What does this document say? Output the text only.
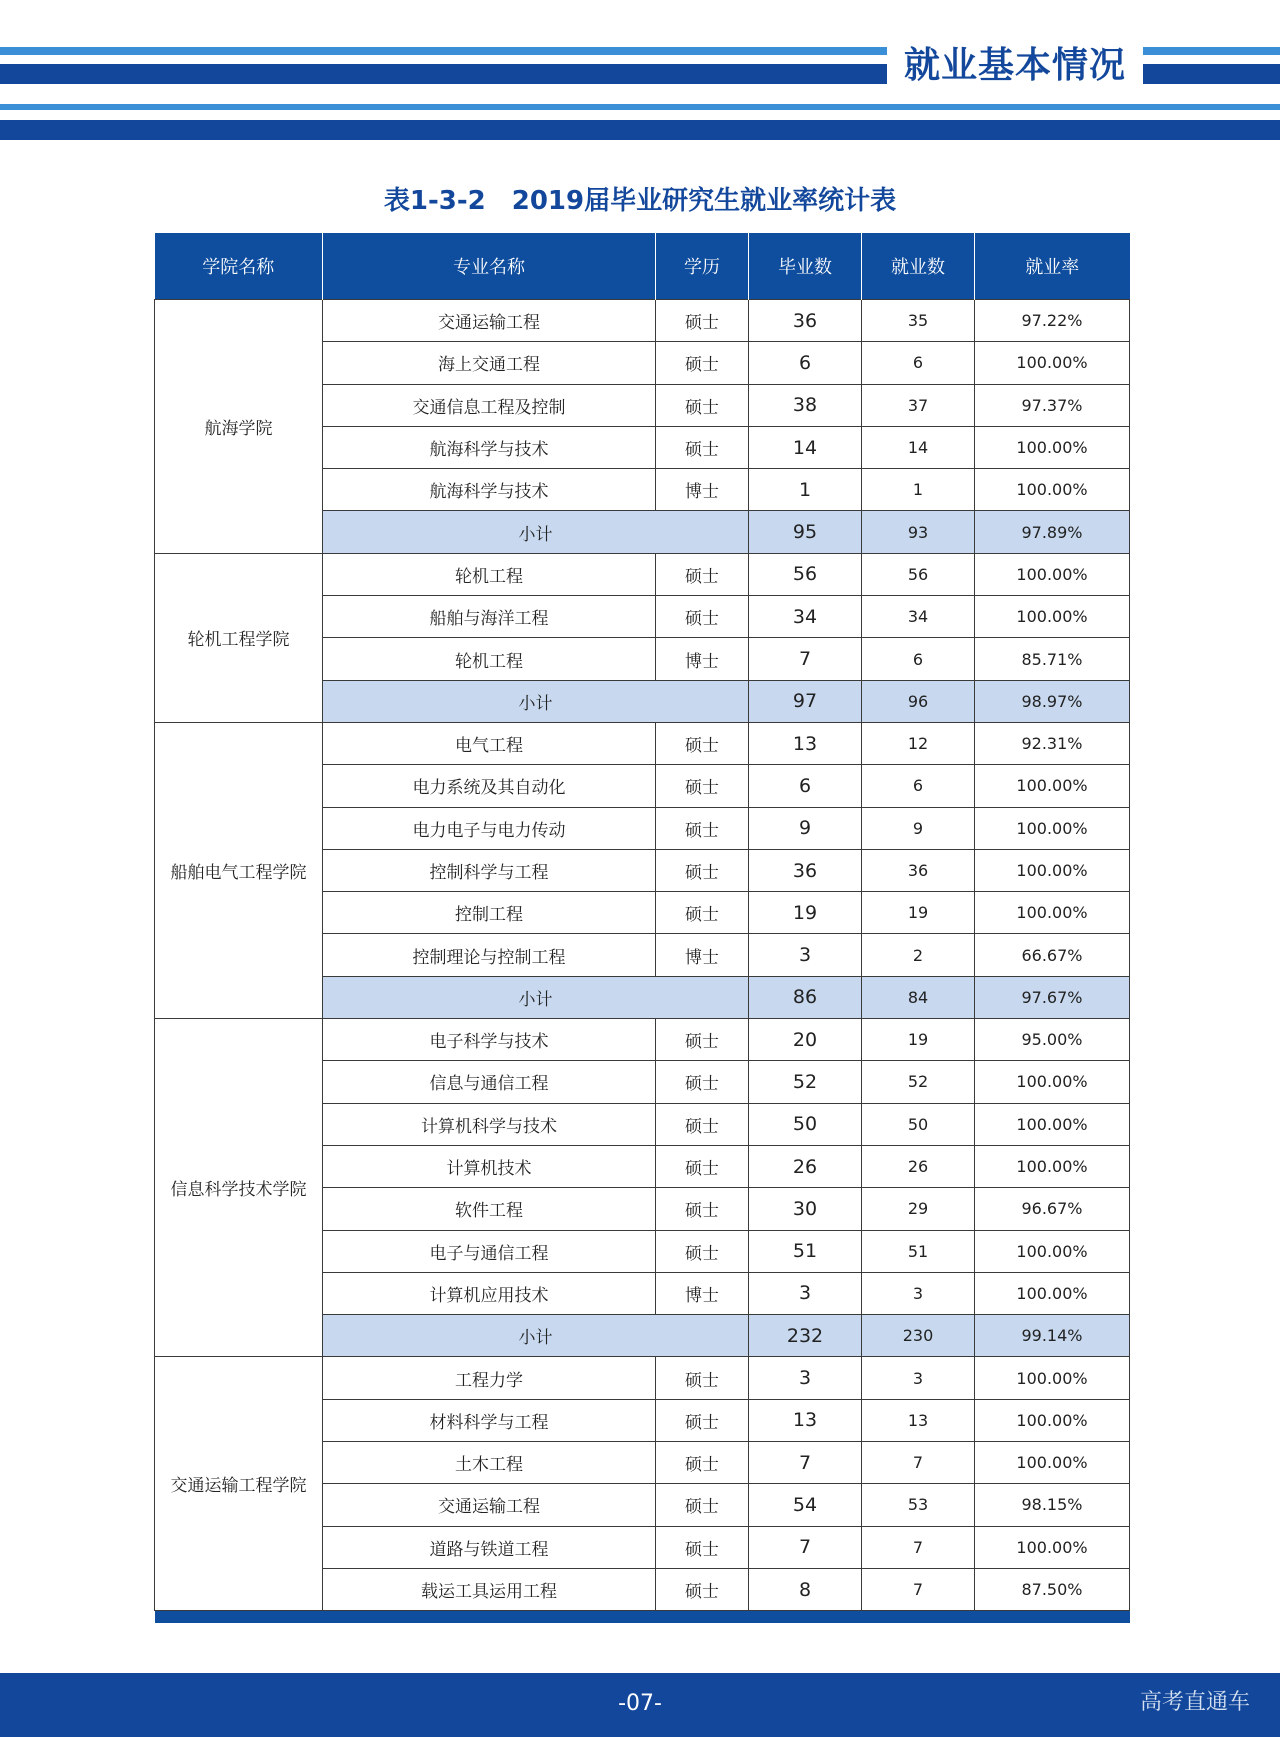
就业基本情况
表1-3-2　2019届毕业研究生就业率统计表
学院名称	专业名称	学历	毕业数	就业数	就业率
航海学院	交通运输工程	硕士	36	35	97.22%
	海上交通工程	硕士	6	6	100.00%
	交通信息工程及控制	硕士	38	37	97.37%
	航海科学与技术	硕士	14	14	100.00%
	航海科学与技术	博士	1	1	100.00%
	小计		95	93	97.89%
轮机工程学院	轮机工程	硕士	56	56	100.00%
	船舶与海洋工程	硕士	34	34	100.00%
	轮机工程	博士	7	6	85.71%
	小计		97	96	98.97%
船舶电气工程学院	电气工程	硕士	13	12	92.31%
	电力系统及其自动化	硕士	6	6	100.00%
	电力电子与电力传动	硕士	9	9	100.00%
	控制科学与工程	硕士	36	36	100.00%
	控制工程	硕士	19	19	100.00%
	控制理论与控制工程	博士	3	2	66.67%
	小计		86	84	97.67%
信息科学技术学院	电子科学与技术	硕士	20	19	95.00%
	信息与通信工程	硕士	52	52	100.00%
	计算机科学与技术	硕士	50	50	100.00%
	计算机技术	硕士	26	26	100.00%
	软件工程	硕士	30	29	96.67%
	电子与通信工程	硕士	51	51	100.00%
	计算机应用技术	博士	3	3	100.00%
	小计		232	230	99.14%
交通运输工程学院	工程力学	硕士	3	3	100.00%
	材料科学与工程	硕士	13	13	100.00%
	土木工程	硕士	7	7	100.00%
	交通运输工程	硕士	54	53	98.15%
	道路与铁道工程	硕士	7	7	100.00%
	载运工具运用工程	硕士	8	7	87.50%

-07-	高考直通车
